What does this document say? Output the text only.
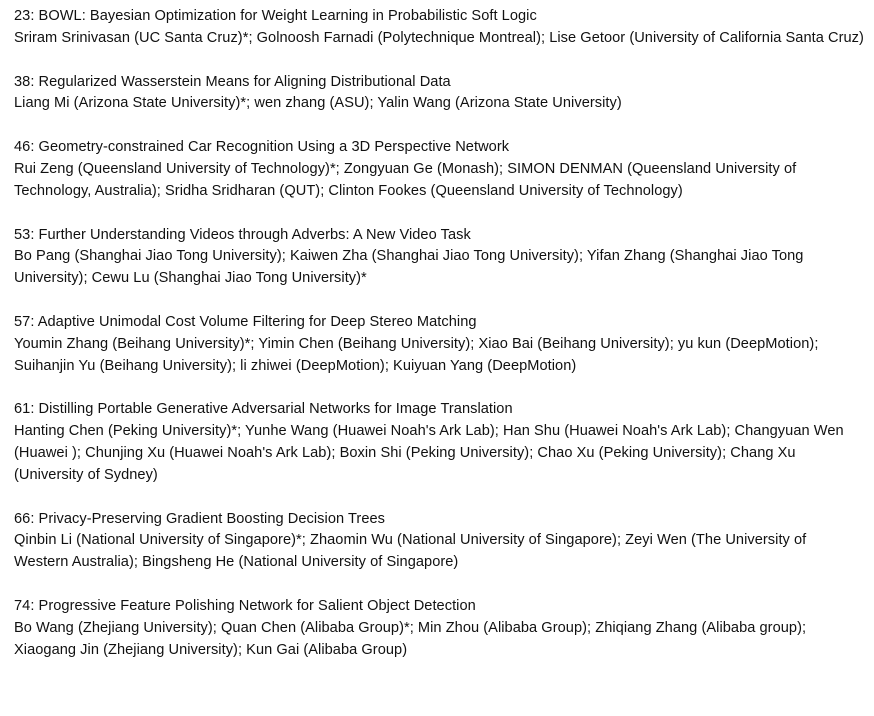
23: BOWL: Bayesian Optimization for Weight Learning in Probabilistic Soft Logic
Sriram Srinivasan (UC Santa Cruz)*; Golnoosh Farnadi (Polytechnique Montreal); Lise Getoor (University of California Santa Cruz)
38: Regularized Wasserstein Means for Aligning Distributional Data
Liang Mi (Arizona State University)*; wen zhang (ASU); Yalin Wang (Arizona State University)
46: Geometry-constrained Car Recognition Using a 3D Perspective Network
Rui Zeng (Queensland University of Technology)*; Zongyuan Ge (Monash); SIMON DENMAN (Queensland University of Technology, Australia); Sridha Sridharan (QUT); Clinton Fookes (Queensland University of Technology)
53: Further Understanding Videos through Adverbs: A New Video Task
Bo Pang (Shanghai Jiao Tong University); Kaiwen Zha (Shanghai Jiao Tong University); Yifan Zhang (Shanghai Jiao Tong University); Cewu Lu (Shanghai Jiao Tong University)*
57: Adaptive Unimodal Cost Volume Filtering for Deep Stereo Matching
Youmin Zhang (Beihang University)*; Yimin Chen (Beihang University); Xiao Bai (Beihang University); yu kun (DeepMotion); Suihanjin Yu (Beihang University); li zhiwei (DeepMotion); Kuiyuan Yang (DeepMotion)
61: Distilling Portable Generative Adversarial Networks for Image Translation
Hanting Chen (Peking University)*; Yunhe Wang (Huawei Noah's Ark Lab); Han Shu (Huawei Noah's Ark Lab); Changyuan Wen (Huawei ); Chunjing Xu (Huawei Noah's Ark Lab); Boxin Shi (Peking University); Chao Xu (Peking University); Chang Xu (University of Sydney)
66: Privacy-Preserving Gradient Boosting Decision Trees
Qinbin Li (National University of Singapore)*; Zhaomin Wu (National University of Singapore); Zeyi Wen (The University of Western Australia); Bingsheng He (National University of Singapore)
74: Progressive Feature Polishing Network for Salient Object Detection
Bo Wang (Zhejiang University); Quan Chen (Alibaba Group)*; Min Zhou (Alibaba Group); Zhiqiang Zhang (Alibaba group); Xiaogang Jin (Zhejiang University); Kun Gai (Alibaba Group)
